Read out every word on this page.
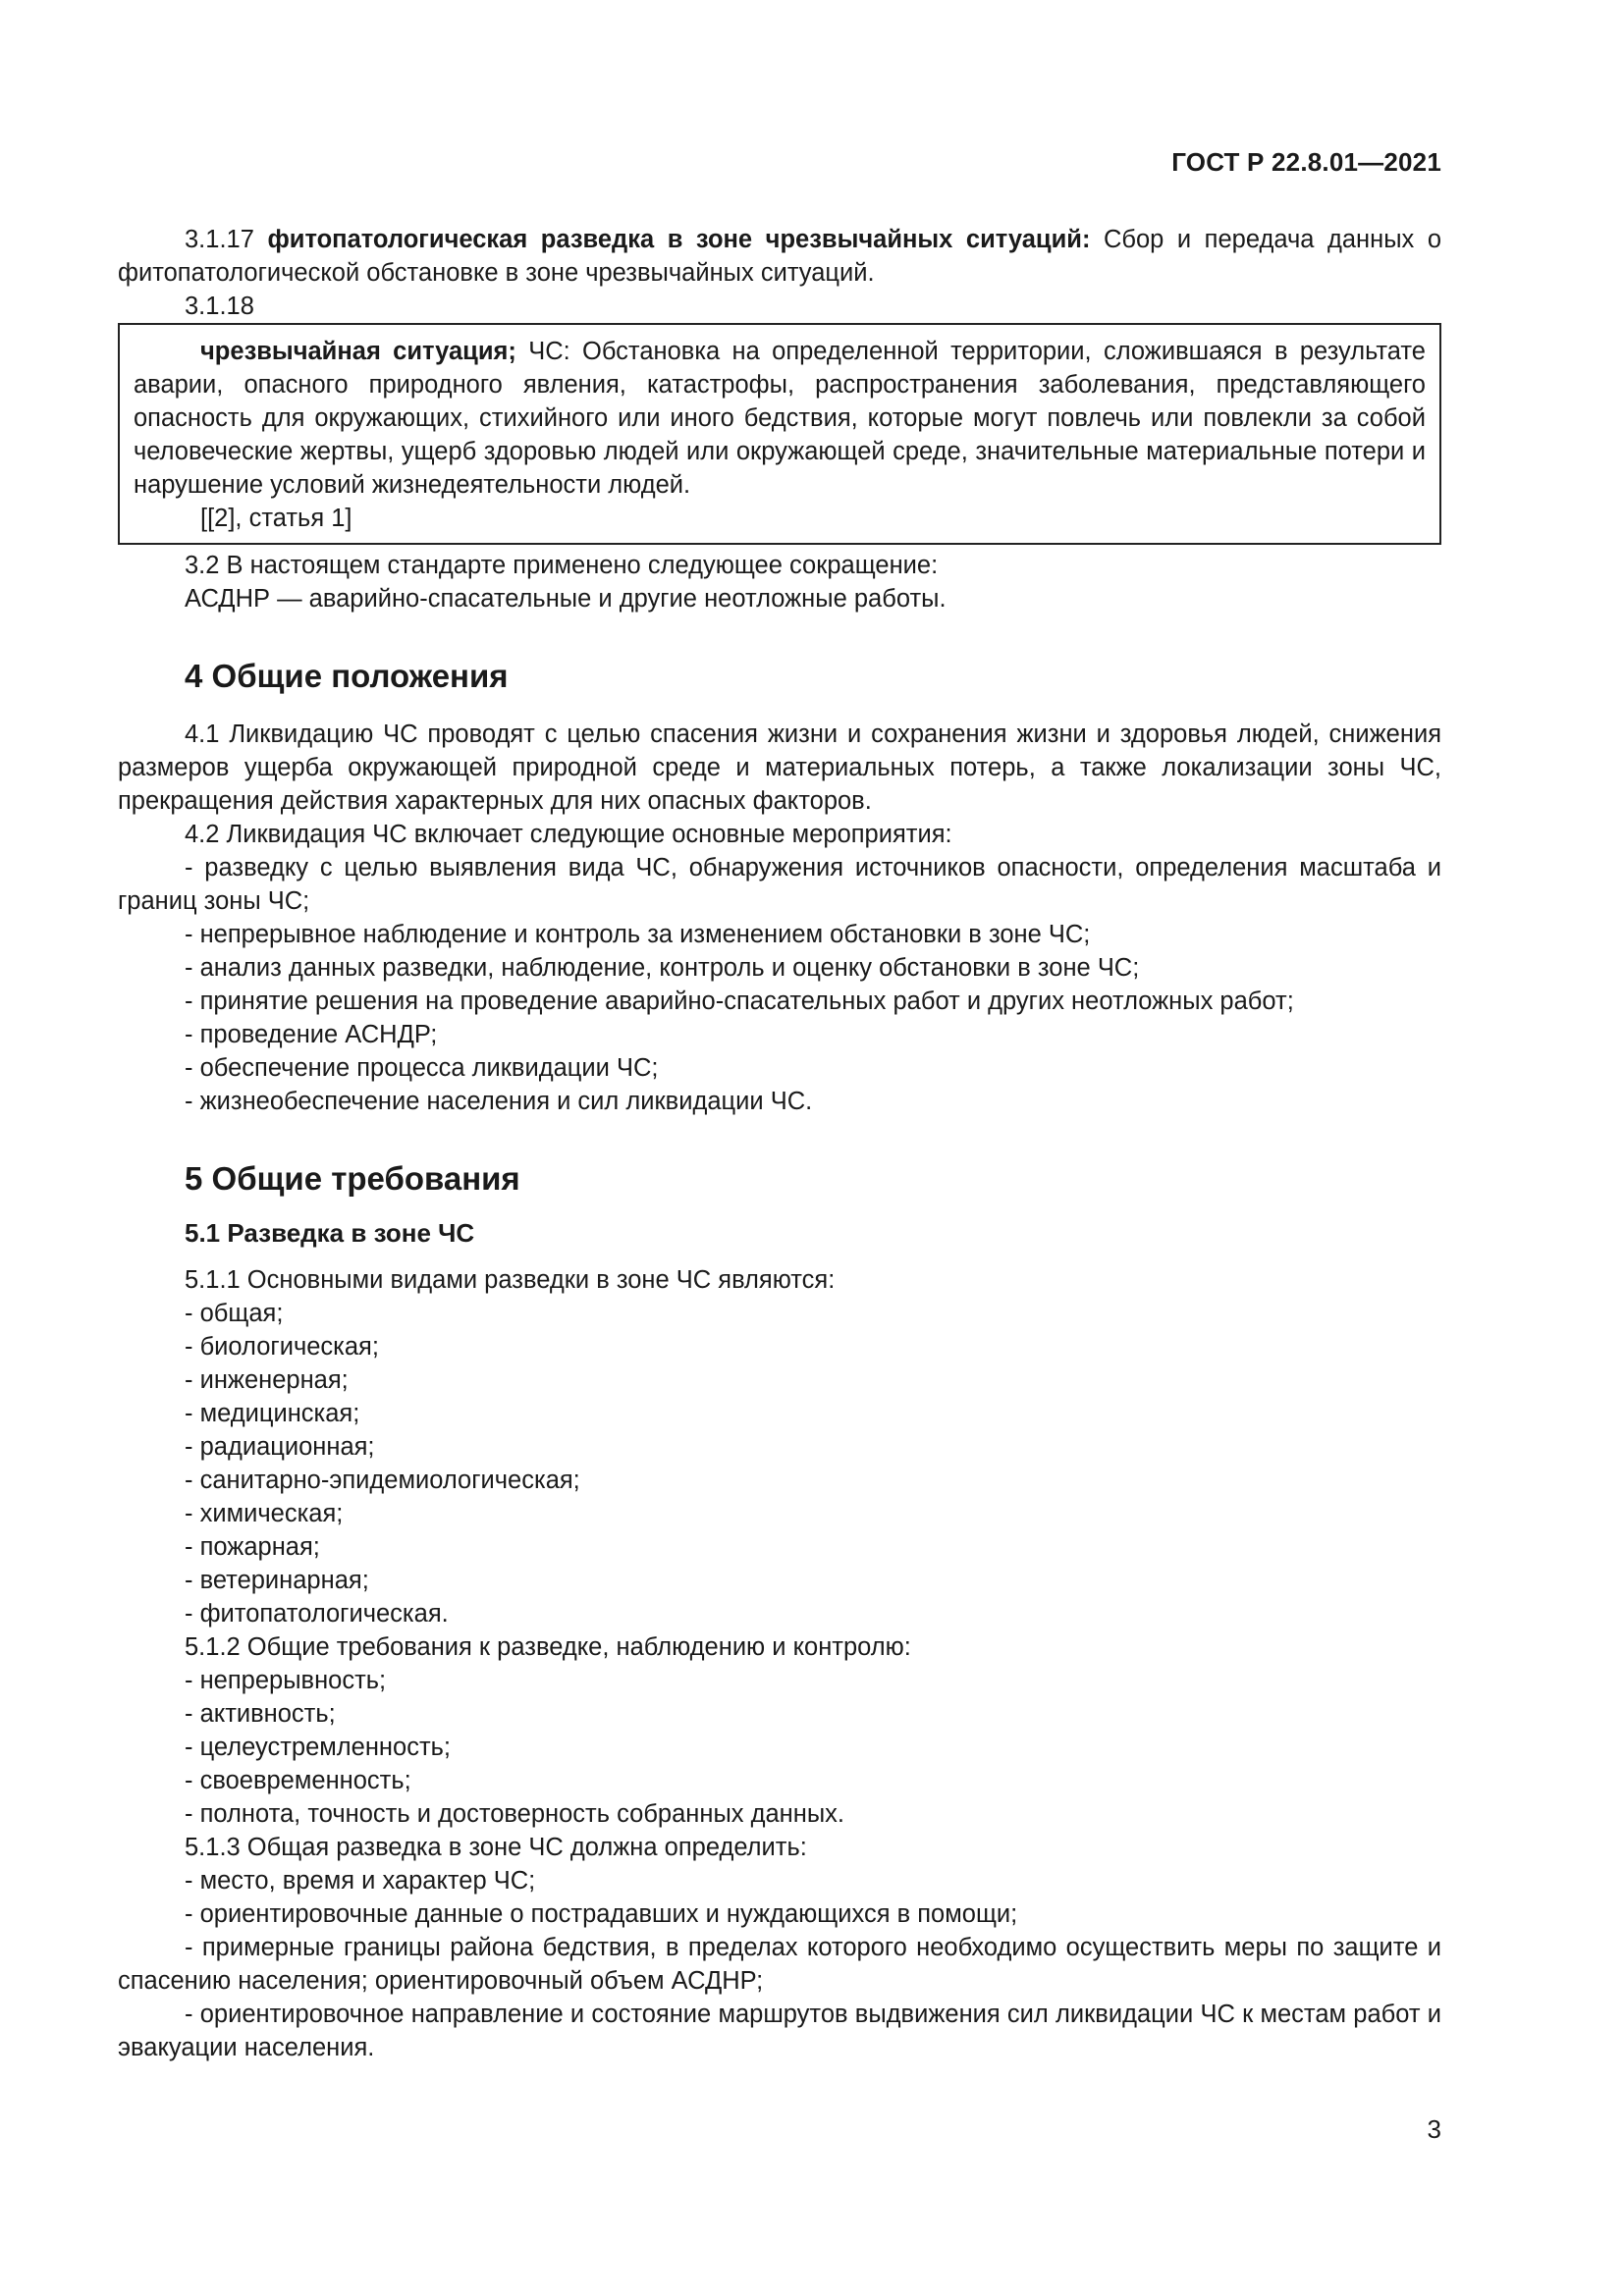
ГОСТ Р 22.8.01—2021

3.1.17 фитопатологическая разведка в зоне чрезвычайных ситуаций: Сбор и передача данных о фитопатологической обстановке в зоне чрезвычайных ситуаций.

3.1.18

чрезвычайная ситуация; ЧС: Обстановка на определенной территории, сложившаяся в результате аварии, опасного природного явления, катастрофы, распространения заболевания, представляющего опасность для окружающих, стихийного или иного бедствия, которые могут повлечь или повлекли за собой человеческие жертвы, ущерб здоровью людей или окружающей среде, значительные материальные потери и нарушение условий жизнедеятельности людей.

[[2], статья 1]

3.2 В настоящем стандарте применено следующее сокращение:

АСДНР — аварийно-спасательные и другие неотложные работы.

4 Общие положения

4.1 Ликвидацию ЧС проводят с целью спасения жизни и сохранения жизни и здоровья людей, снижения размеров ущерба окружающей природной среде и материальных потерь, а также локализации зоны ЧС, прекращения действия характерных для них опасных факторов.

4.2 Ликвидация ЧС включает следующие основные мероприятия:

- разведку с целью выявления вида ЧС, обнаружения источников опасности, определения масштаба и границ зоны ЧС;

- непрерывное наблюдение и контроль за изменением обстановки в зоне ЧС;

- анализ данных разведки, наблюдение, контроль и оценку обстановки в зоне ЧС;

- принятие решения на проведение аварийно-спасательных работ и других неотложных работ;

- проведение АСНДР;

- обеспечение процесса ликвидации ЧС;

- жизнеобеспечение населения и сил ликвидации ЧС.

5 Общие требования
5.1 Разведка в зоне ЧС

5.1.1 Основными видами разведки в зоне ЧС являются:

- общая;

- биологическая;

- инженерная;

- медицинская;

- радиационная;

- санитарно-эпидемиологическая;

- химическая;

- пожарная;

- ветеринарная;

- фитопатологическая.

5.1.2 Общие требования к разведке, наблюдению и контролю:

- непрерывность;

- активность;

- целеустремленность;

- своевременность;

- полнота, точность и достоверность собранных данных.

5.1.3 Общая разведка в зоне ЧС должна определить:

- место, время и характер ЧС;

- ориентировочные данные о пострадавших и нуждающихся в помощи;

- примерные границы района бедствия, в пределах которого необходимо осуществить меры по защите и спасению населения; ориентировочный объем АСДНР;

- ориентировочное направление и состояние маршрутов выдвижения сил ликвидации ЧС к местам работ и эвакуации населения.

3
